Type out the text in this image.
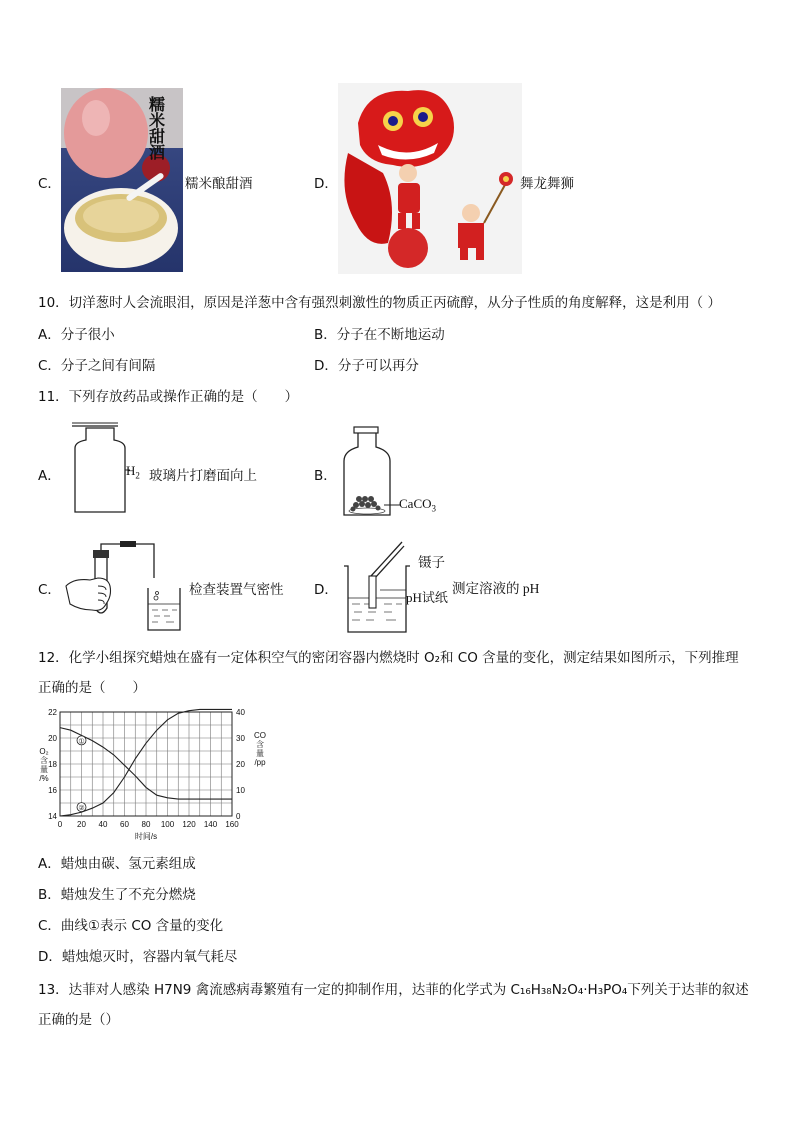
C．
糯米甜酒
糯米酿甜酒	D．	舞龙舞狮
10．切洋葱时人会流眼泪，原因是洋葱中含有强烈刺激性的物质正丙硫醇，从分子性质的角度解释，这是利用（ ）
A．分子很小	B．分子在不断地运动
C．分子之间有间隔	D．分子可以再分
11．下列存放药品或操作正确的是（　　）
A．	$H_2$ 玻璃片打磨面向上	B．
CaCO$_3$
C．	检查装置气密性 D．
镊子
pH试纸
测定溶液的 pH
12．化学小组探究蜡烛在盛有一定体积空气的密闭容器内燃烧时 O₂和 CO 含量的变化，测定结果如图所示，下列推理
正确的是（　　）
0 20 40 60 80 100 120 140 160
14
16
18
20
22
0
10
20
30
40
①
②
时间/s
O₂
含
量
/%
CO
含
量
/pp
A．蜡烛由碳、氢元素组成
B．蜡烛发生了不充分燃烧
C．曲线①表示 CO 含量的变化
D．蜡烛熄灭时，容器内氧气耗尽
13．达菲对人感染 H7N9 禽流感病毒繁殖有一定的抑制作用，达菲的化学式为 C₁₆H₃₈N₂O₄·H₃PO₄下列关于达菲的叙述
正确的是（）
